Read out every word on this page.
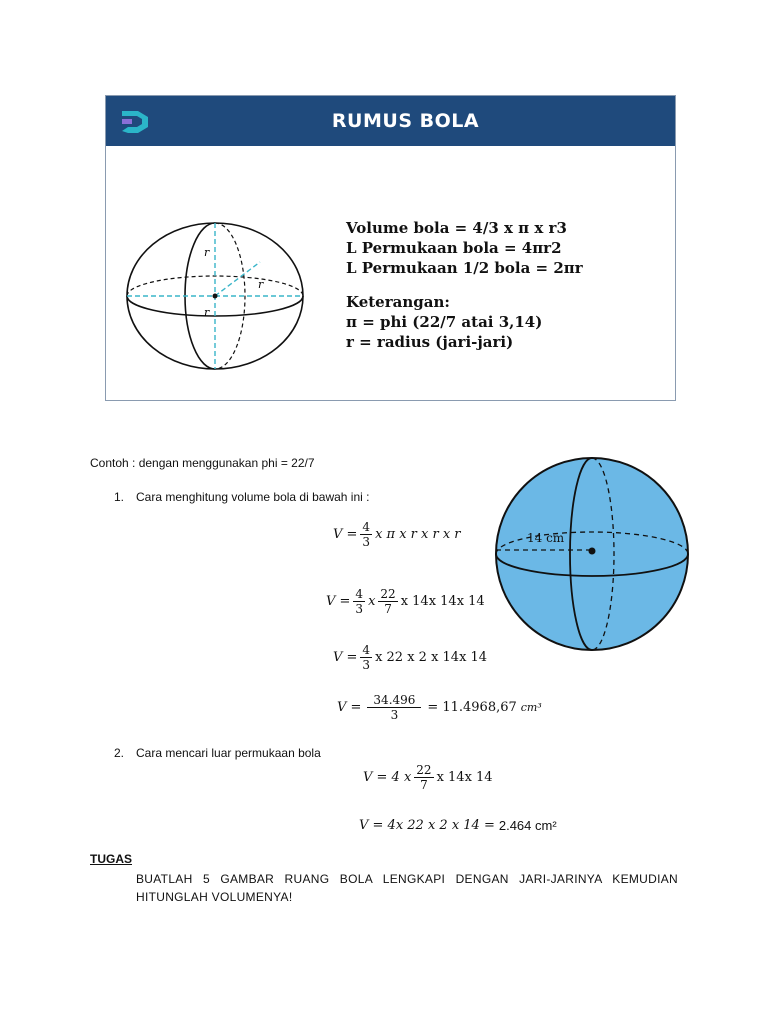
RUMUS BOLA
r
r
r
Volume bola = 4/3 x π x r3
L Permukaan bola = 4πr2
L Permukaan 1/2 bola = 2πr
Keterangan:
π = phi (22/7 atai 3,14)
r = radius (jari-jari)
Contoh : dengan menggunakan phi = 22/7
1. Cara menghitung volume bola di bawah ini :
$V = \frac{4}{3}$ x π x r x r x r
$V = \frac{4}{3}$ x $\frac{22}{7}$ x 14x 14x 14
$V = \frac{4}{3}$ x 22 x 2 x 14x 14
$V = \frac{34.496}{3} = 11.4968,67$ cm³
14 cm
2. Cara mencari luar permukaan bola
V = 4 x $\frac{22}{7}$ x 14x 14
V = 4x 22 x 2 x 14 = 2.464 cm²
TUGAS
BUATLAH 5 GAMBAR RUANG BOLA LENGKAPI DENGAN JARI-JARINYA KEMUDIAN HITUNGLAH VOLUMENYA!
